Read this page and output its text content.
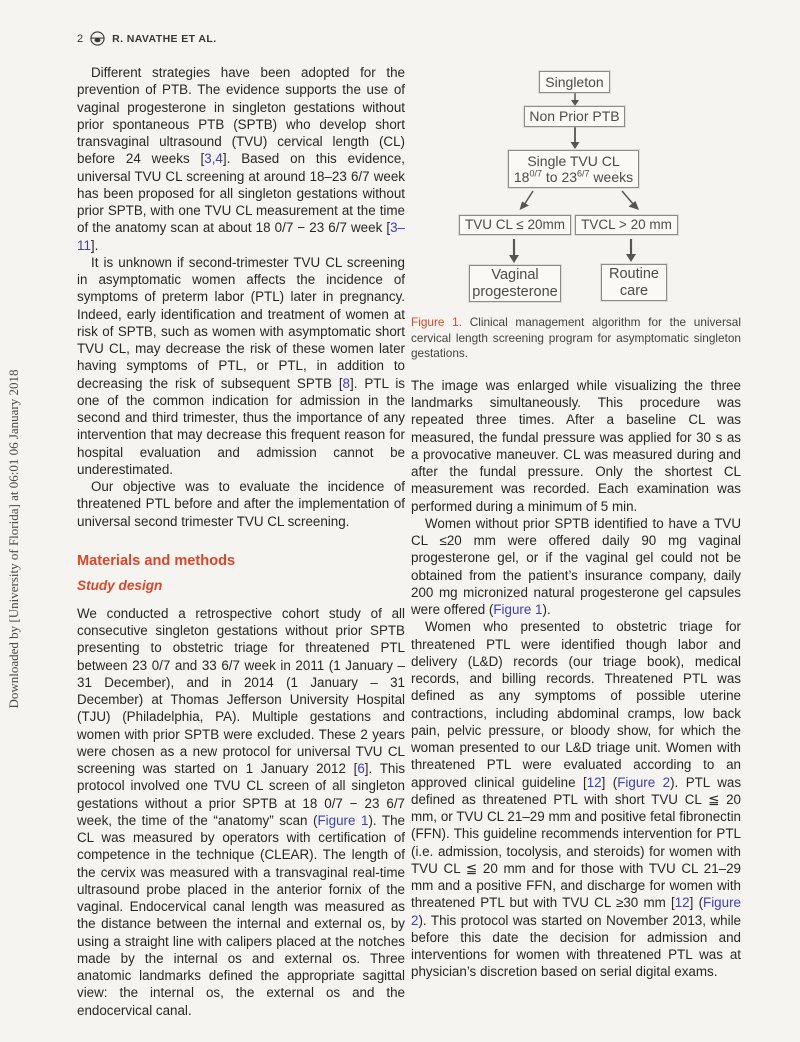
Downloaded by [University of Florida] at 06:01 06 January 2018
2	R. NAVATHE ET AL.

Different strategies have been adopted for the prevention of PTB. The evidence supports the use of vaginal progesterone in singleton gestations without prior spontaneous PTB (SPTB) who develop short transvaginal ultrasound (TVU) cervical length (CL) before 24 weeks [3,4]. Based on this evidence, universal TVU CL screening at around 18–23 6/7 week has been proposed for all singleton gestations without prior SPTB, with one TVU CL measurement at the time of the anatomy scan at about 18 0/7 − 23 6/7 week [3–11].

It is unknown if second-trimester TVU CL screening in asymptomatic women affects the incidence of symptoms of preterm labor (PTL) later in pregnancy. Indeed, early identification and treatment of women at risk of SPTB, such as women with asymptomatic short TVU CL, may decrease the risk of these women later having symptoms of PTL, or PTL, in addition to decreasing the risk of subsequent SPTB [8]. PTL is one of the common indication for admission in the second and third trimester, thus the importance of any intervention that may decrease this frequent reason for hospital evaluation and admission cannot be underestimated.

Our objective was to evaluate the incidence of threatened PTL before and after the implementation of universal second trimester TVU CL screening.

Materials and methods
Study design

We conducted a retrospective cohort study of all consecutive singleton gestations without prior SPTB presenting to obstetric triage for threatened PTL between 23 0/7 and 33 6/7 week in 2011 (1 January – 31 December), and in 2014 (1 January – 31 December) at Thomas Jefferson University Hospital (TJU) (Philadelphia, PA). Multiple gestations and women with prior SPTB were excluded. These 2 years were chosen as a new protocol for universal TVU CL screening was started on 1 January 2012 [6]. This protocol involved one TVU CL screen of all singleton gestations without a prior SPTB at 18 0/7 − 23 6/7 week, the time of the “anatomy” scan (Figure 1). The CL was measured by operators with certification of competence in the technique (CLEAR). The length of the cervix was measured with a transvaginal real-time ultrasound probe placed in the anterior fornix of the vaginal. Endocervical canal length was measured as the distance between the internal and external os, by using a straight line with calipers placed at the notches made by the internal os and external os. Three anatomic landmarks defined the appropriate sagittal view: the internal os, the external os and the endocervical canal.

Singleton
Non Prior PTB
Single TVU CL
$18^{0/7}$ to $23^{6/7}$ weeks
TVU CL ≤ 20mm	TVCL > 20 mm
Vaginal progesterone
Routine care

Figure 1. Clinical management algorithm for the universal cervical length screening program for asymptomatic singleton gestations.

The image was enlarged while visualizing the three landmarks simultaneously. This procedure was repeated three times. After a baseline CL was measured, the fundal pressure was applied for 30 s as a provocative maneuver. CL was measured during and after the fundal pressure. Only the shortest CL measurement was recorded. Each examination was performed during a minimum of 5 min.

Women without prior SPTB identified to have a TVU CL ≤20 mm were offered daily 90 mg vaginal progesterone gel, or if the vaginal gel could not be obtained from the patient’s insurance company, daily 200 mg micronized natural progesterone gel capsules were offered (Figure 1).

Women who presented to obstetric triage for threatened PTL were identified though labor and delivery (L&D) records (our triage book), medical records, and billing records. Threatened PTL was defined as any symptoms of possible uterine contractions, including abdominal cramps, low back pain, pelvic pressure, or bloody show, for which the woman presented to our L&D triage unit. Women with threatened PTL were evaluated according to an approved clinical guideline [12] (Figure 2). PTL was defined as threatened PTL with short TVU CL ≦ 20 mm, or TVU CL 21–29 mm and positive fetal fibronectin (FFN). This guideline recommends intervention for PTL (i.e. admission, tocolysis, and steroids) for women with TVU CL ≦ 20 mm and for those with TVU CL 21–29 mm and a positive FFN, and discharge for women with threatened PTL but with TVU CL ≥30 mm [12] (Figure 2). This protocol was started on November 2013, while before this date the decision for admission and interventions for women with threatened PTL was at physician’s discretion based on serial digital exams.
